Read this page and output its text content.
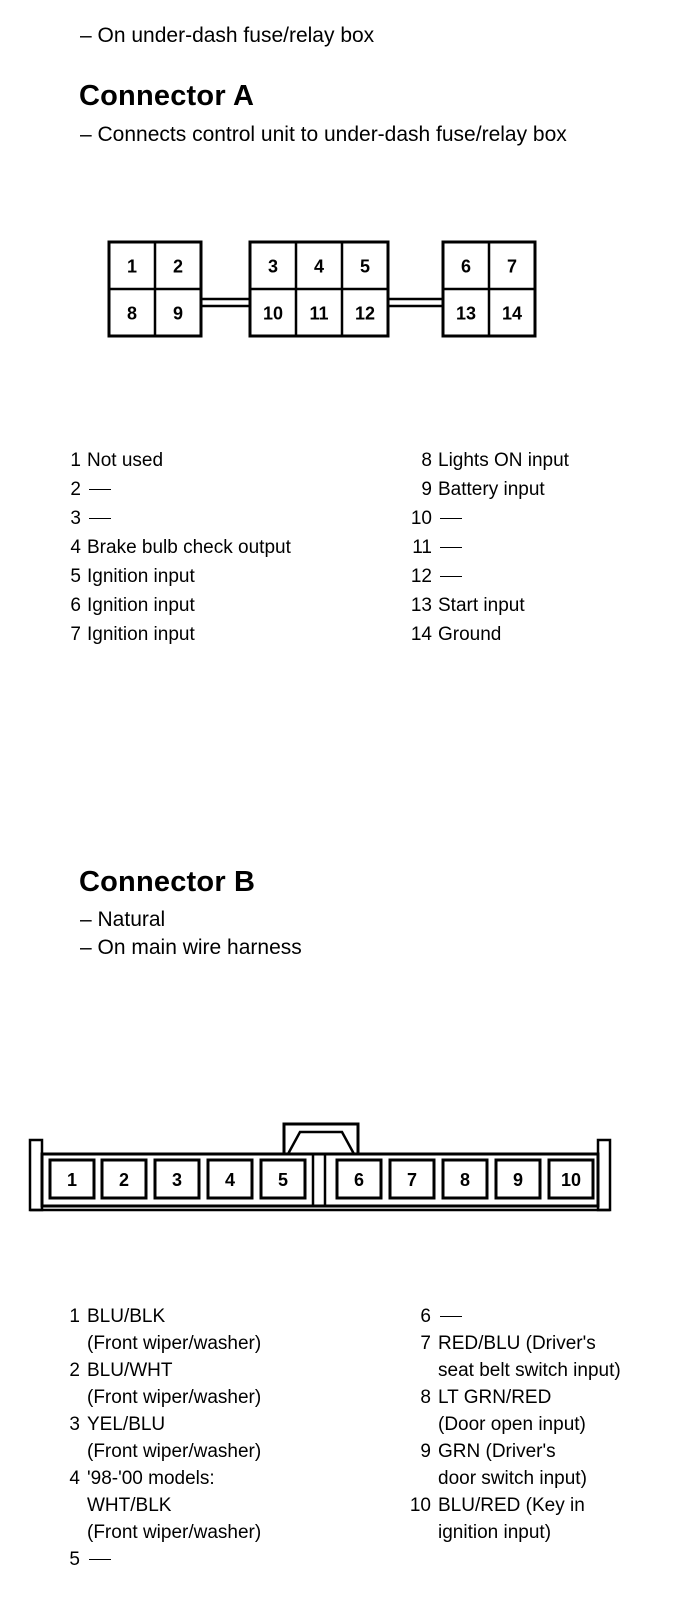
– On under-dash fuse/relay box
Connector A
– Connects control unit to under-dash fuse/relay box
1
8
2
9
3
10
4
11
5
12
6
13
7
14
1 Not used
2
3
4 Brake bulb check output
5 Ignition input
6 Ignition input
7 Ignition input
8 Lights ON input
9 Battery input
10
11
12
13 Start input
14 Ground
Connector B
– Natural
– On main wire harness
1 2 3 4 5	6 7 8 9 10
1 BLU/BLK
(Front wiper/washer)
2 BLU/WHT
(Front wiper/washer)
3 YEL/BLU
(Front wiper/washer)
4 '98-'00 models:
WHT/BLK
(Front wiper/washer)
5
6
7 RED/BLU (Driver's
seat belt switch input)
8 LT GRN/RED
(Door open input)
9 GRN (Driver's
door switch input)
10 BLU/RED (Key in
ignition input)
